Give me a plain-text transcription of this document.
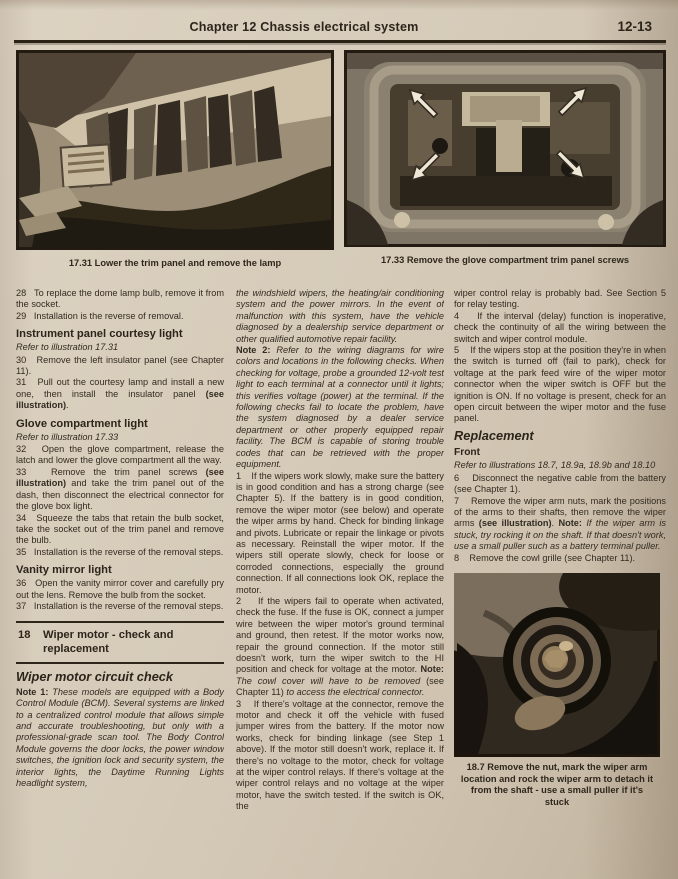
Chapter 12 Chassis electrical system	12-13
17.31 Lower the trim panel and remove the lamp	17.33 Remove the glove compartment trim panel screws

28   To replace the dome lamp bulb, remove it from the socket.

29   Installation is the reverse of removal.

Instrument panel courtesy light

Refer to illustration 17.31

30   Remove the left insulator panel (see Chapter 11).

31   Pull out the courtesy lamp and install a new one, then install the insulator panel (see illustration).

Glove compartment light

Refer to illustration 17.33

32   Open the glove compartment, release the latch and lower the glove compartment all the way.

33   Remove the trim panel screws (see illustration) and take the trim panel out of the dash, then disconnect the electrical connector for the glove box light.

34   Squeeze the tabs that retain the bulb socket, take the socket out of the trim panel and remove the bulb.

35   Installation is the reverse of the removal steps.

Vanity mirror light

36   Open the vanity mirror cover and carefully pry out the lens. Remove the bulb from the socket.

37   Installation is the reverse of the removal steps.

18	Wiper motor - check and replacement

Wiper motor circuit check

Note 1: These models are equipped with a Body Control Module (BCM). Several systems are linked to a centralized control module that allows simple and accurate troubleshooting, but only with a professional-grade scan tool. The Body Control Module governs the door locks, the power window switches, the ignition lock and security system, the interior lights, the Daytime Running Lights headlight system,

the windshield wipers, the heating/air conditioning system and the power mirrors. In the event of malfunction with this system, have the vehicle diagnosed by a dealership service department or other qualified automotive repair facility.

Note 2: Refer to the wiring diagrams for wire colors and locations in the following checks. When checking for voltage, probe a grounded 12-volt test light to each terminal at a connector until it lights; this verifies voltage (power) at the terminal. If the following checks fail to locate the problem, have the system diagnosed by a dealer service department or other properly equipped repair facility. The BCM is capable of storing trouble codes that can be retrieved with the proper equipment.

1    If the wipers work slowly, make sure the battery is in good condition and has a strong charge (see Chapter 5). If the battery is in good condition, remove the wiper motor (see below) and operate the wiper arms by hand. Check for binding linkage and pivots. Lubricate or repair the linkage or pivots as necessary. Reinstall the wiper motor. If the wipers still operate slowly, check for loose or corroded connections, especially the ground connection. If all connections look OK, replace the motor.

2    If the wipers fail to operate when activated, check the fuse. If the fuse is OK, connect a jumper wire between the wiper motor's ground terminal and ground, then retest. If the motor works now, repair the ground connection. If the motor still doesn't work, turn the wiper switch to the HI position and check for voltage at the motor. Note: The cowl cover will have to be removed (see Chapter 11) to access the electrical connector.

3    If there's voltage at the connector, remove the motor and check it off the vehicle with fused jumper wires from the battery. If the motor now works, check for binding linkage (see Step 1 above). If the motor still doesn't work, replace it. If there's no voltage to the motor, check for voltage at the wiper control relays. If there's voltage at the wiper control relays and no voltage at the wiper motor, have the switch tested. If the switch is OK, the

wiper control relay is probably bad. See Section 5 for relay testing.

4    If the interval (delay) function is inoperative, check the continuity of all the wiring between the switch and wiper control module.

5    If the wipers stop at the position they're in when the switch is turned off (fail to park), check for voltage at the park feed wire of the wiper motor connector when the wiper switch is OFF but the ignition is ON. If no voltage is present, check for an open circuit between the wiper motor and the fuse panel.

Replacement

Front

Refer to illustrations 18.7, 18.9a, 18.9b and 18.10

6    Disconnect the negative cable from the battery (see Chapter 1).

7    Remove the wiper arm nuts, mark the positions of the arms to their shafts, then remove the wiper arms (see illustration). Note: If the wiper arm is stuck, try rocking it on the shaft. If that doesn't work, use a small puller such as a battery terminal puller.

8    Remove the cowl grille (see Chapter 11).

18.7 Remove the nut, mark the wiper arm location and rock the wiper arm to detach it from the shaft - use a small puller if it's stuck
